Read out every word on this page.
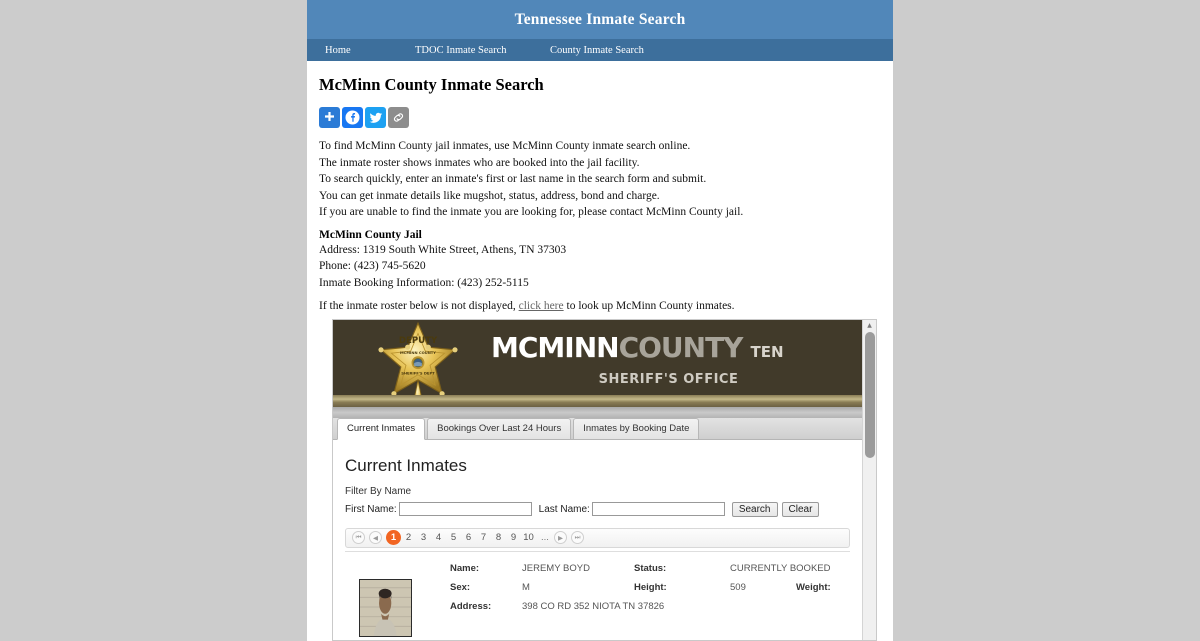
Tennessee Inmate Search
Home	TDOC Inmate Search	County Inmate Search
McMinn County Inmate Search

To find McMinn County jail inmates, use McMinn County inmate search online.

The inmate roster shows inmates who are booked into the jail facility.

To search quickly, enter an inmate's first or last name in the search form and submit.

You can get inmate details like mugshot, status, address, bond and charge.

If you are unable to find the inmate you are looking for, please contact McMinn County jail.

McMinn County Jail

Address: 1319 South White Street, Athens, TN 37303

Phone: (423) 745-5620

Inmate Booking Information: (423) 252-5115

If the inmate roster below is not displayed, click here to look up McMinn County inmates.

DEPUTY
MCMINN COUNTY
SHERIFF'S DEPT
MCMINNCOUNTY TEN
SHERIFF'S OFFICE
Current Inmates	Bookings Over Last 24 Hours	Inmates by Booking Date
Current Inmates
Filter By Name
First Name:	Last Name:	Search	Clear
⏮	◀	1	2	3	4	5	6	7	8	9 10 ...	▶	⏭
Name:	JEREMY BOYD	Status:	CURRENTLY BOOKED
Sex:	M	Height:	509	Weight:
Address:	398 CO RD 352 NIOTA TN 37826
▲
